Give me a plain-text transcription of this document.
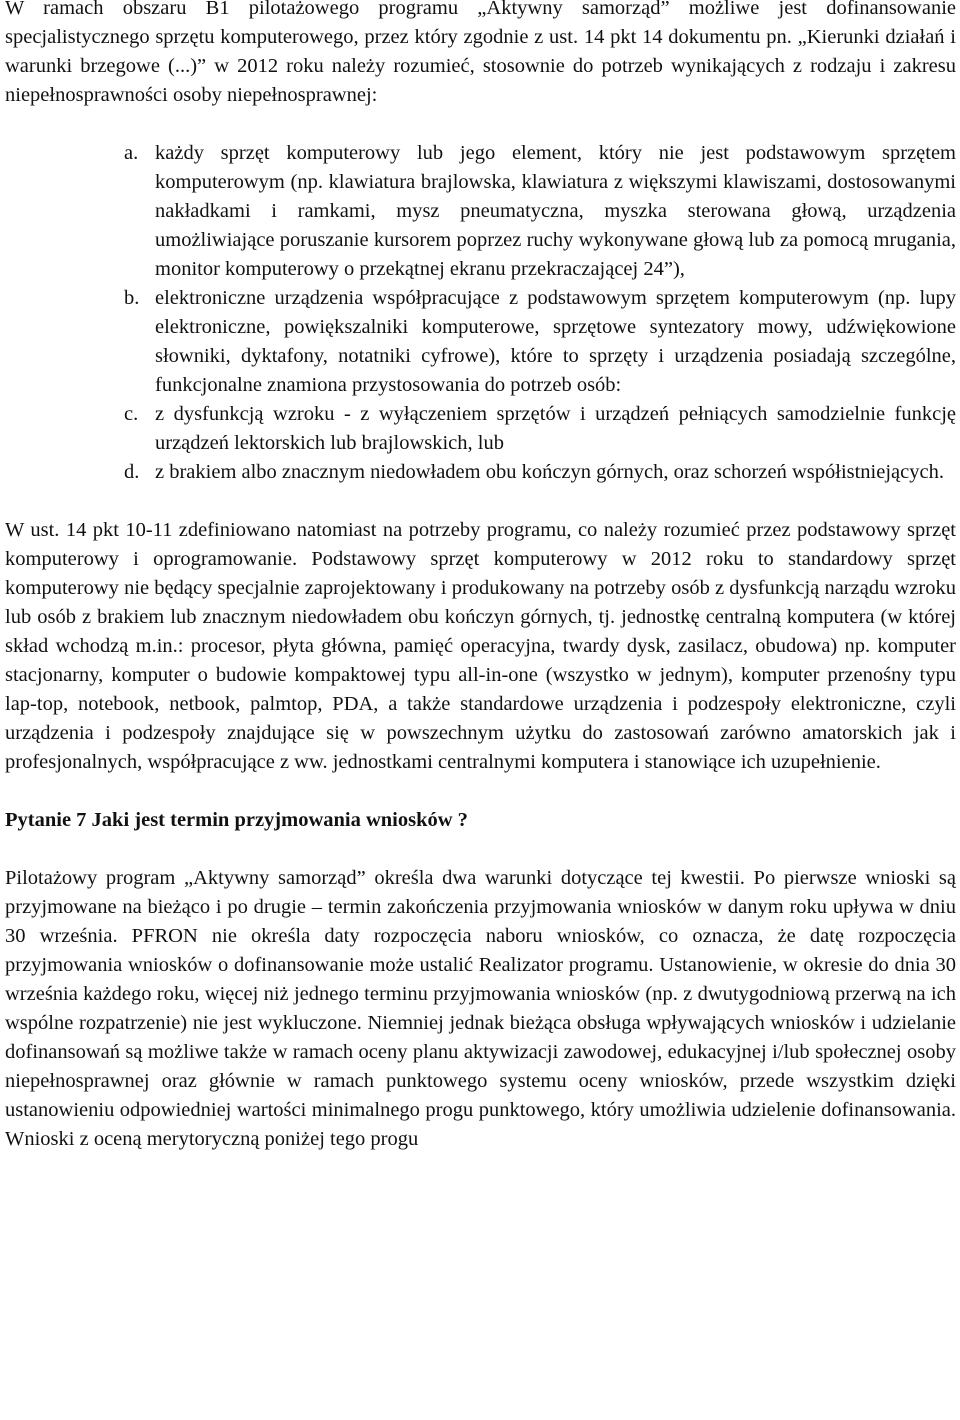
W ramach obszaru B1 pilotażowego programu „Aktywny samorząd” możliwe jest dofinansowanie specjalistycznego sprzętu komputerowego, przez który zgodnie z ust. 14 pkt 14 dokumentu pn. „Kierunki działań i warunki brzegowe (...)” w 2012 roku należy rozumieć, stosownie do potrzeb wynikających z rodzaju i zakresu niepełnosprawności osoby niepełnosprawnej:

a. każdy sprzęt komputerowy lub jego element, który nie jest podstawowym sprzętem komputerowym (np. klawiatura brajlowska, klawiatura z większymi klawiszami, dostosowanymi nakładkami i ramkami, mysz pneumatyczna, myszka sterowana głową, urządzenia umożliwiające poruszanie kursorem poprzez ruchy wykonywane głową lub za pomocą mrugania, monitor komputerowy o przekątnej ekranu przekraczającej 24”),
b. elektroniczne urządzenia współpracujące z podstawowym sprzętem komputerowym (np. lupy elektroniczne, powiększalniki komputerowe, sprzętowe syntezatory mowy, udźwiękowione słowniki, dyktafony, notatniki cyfrowe), które to sprzęty i urządzenia posiadają szczególne, funkcjonalne znamiona przystosowania do potrzeb osób:
c. z dysfunkcją wzroku - z wyłączeniem sprzętów i urządzeń pełniących samodzielnie funkcję urządzeń lektorskich lub brajlowskich, lub
d. z brakiem albo znacznym niedowładem obu kończyn górnych, oraz schorzeń współistniejących.

W ust. 14 pkt 10-11 zdefiniowano natomiast na potrzeby programu, co należy rozumieć przez podstawowy sprzęt komputerowy i oprogramowanie. Podstawowy sprzęt komputerowy w 2012 roku to standardowy sprzęt komputerowy nie będący specjalnie zaprojektowany i produkowany na potrzeby osób z dysfunkcją narządu wzroku lub osób z brakiem lub znacznym niedowładem obu kończyn górnych, tj. jednostkę centralną komputera (w której skład wchodzą m.in.: procesor, płyta główna, pamięć operacyjna, twardy dysk, zasilacz, obudowa) np. komputer stacjonarny, komputer o budowie kompaktowej typu all-in-one (wszystko w jednym), komputer przenośny typu lap-top, notebook, netbook, palmtop, PDA, a także standardowe urządzenia i podzespoły elektroniczne, czyli urządzenia i podzespoły znajdujące się w powszechnym użytku do zastosowań zarówno amatorskich jak i profesjonalnych, współpracujące z ww. jednostkami centralnymi komputera i stanowiące ich uzupełnienie.

Pytanie 7 Jaki jest termin przyjmowania wniosków ?

Pilotażowy program „Aktywny samorząd” określa dwa warunki dotyczące tej kwestii. Po pierwsze wnioski są przyjmowane na bieżąco i po drugie – termin zakończenia przyjmowania wniosków w danym roku upływa w dniu 30 września. PFRON nie określa daty rozpoczęcia naboru wniosków, co oznacza, że datę rozpoczęcia przyjmowania wniosków o dofinansowanie może ustalić Realizator programu. Ustanowienie, w okresie do dnia 30 września każdego roku, więcej niż jednego terminu przyjmowania wniosków (np. z dwutygodniową przerwą na ich wspólne rozpatrzenie) nie jest wykluczone. Niemniej jednak bieżąca obsługa wpływających wniosków i udzielanie dofinansowań są możliwe także w ramach oceny planu aktywizacji zawodowej, edukacyjnej i/lub społecznej osoby niepełnosprawnej oraz głównie w ramach punktowego systemu oceny wniosków, przede wszystkim dzięki ustanowieniu odpowiedniej wartości minimalnego progu punktowego, który umożliwia udzielenie dofinansowania. Wnioski z oceną merytoryczną poniżej tego progu
